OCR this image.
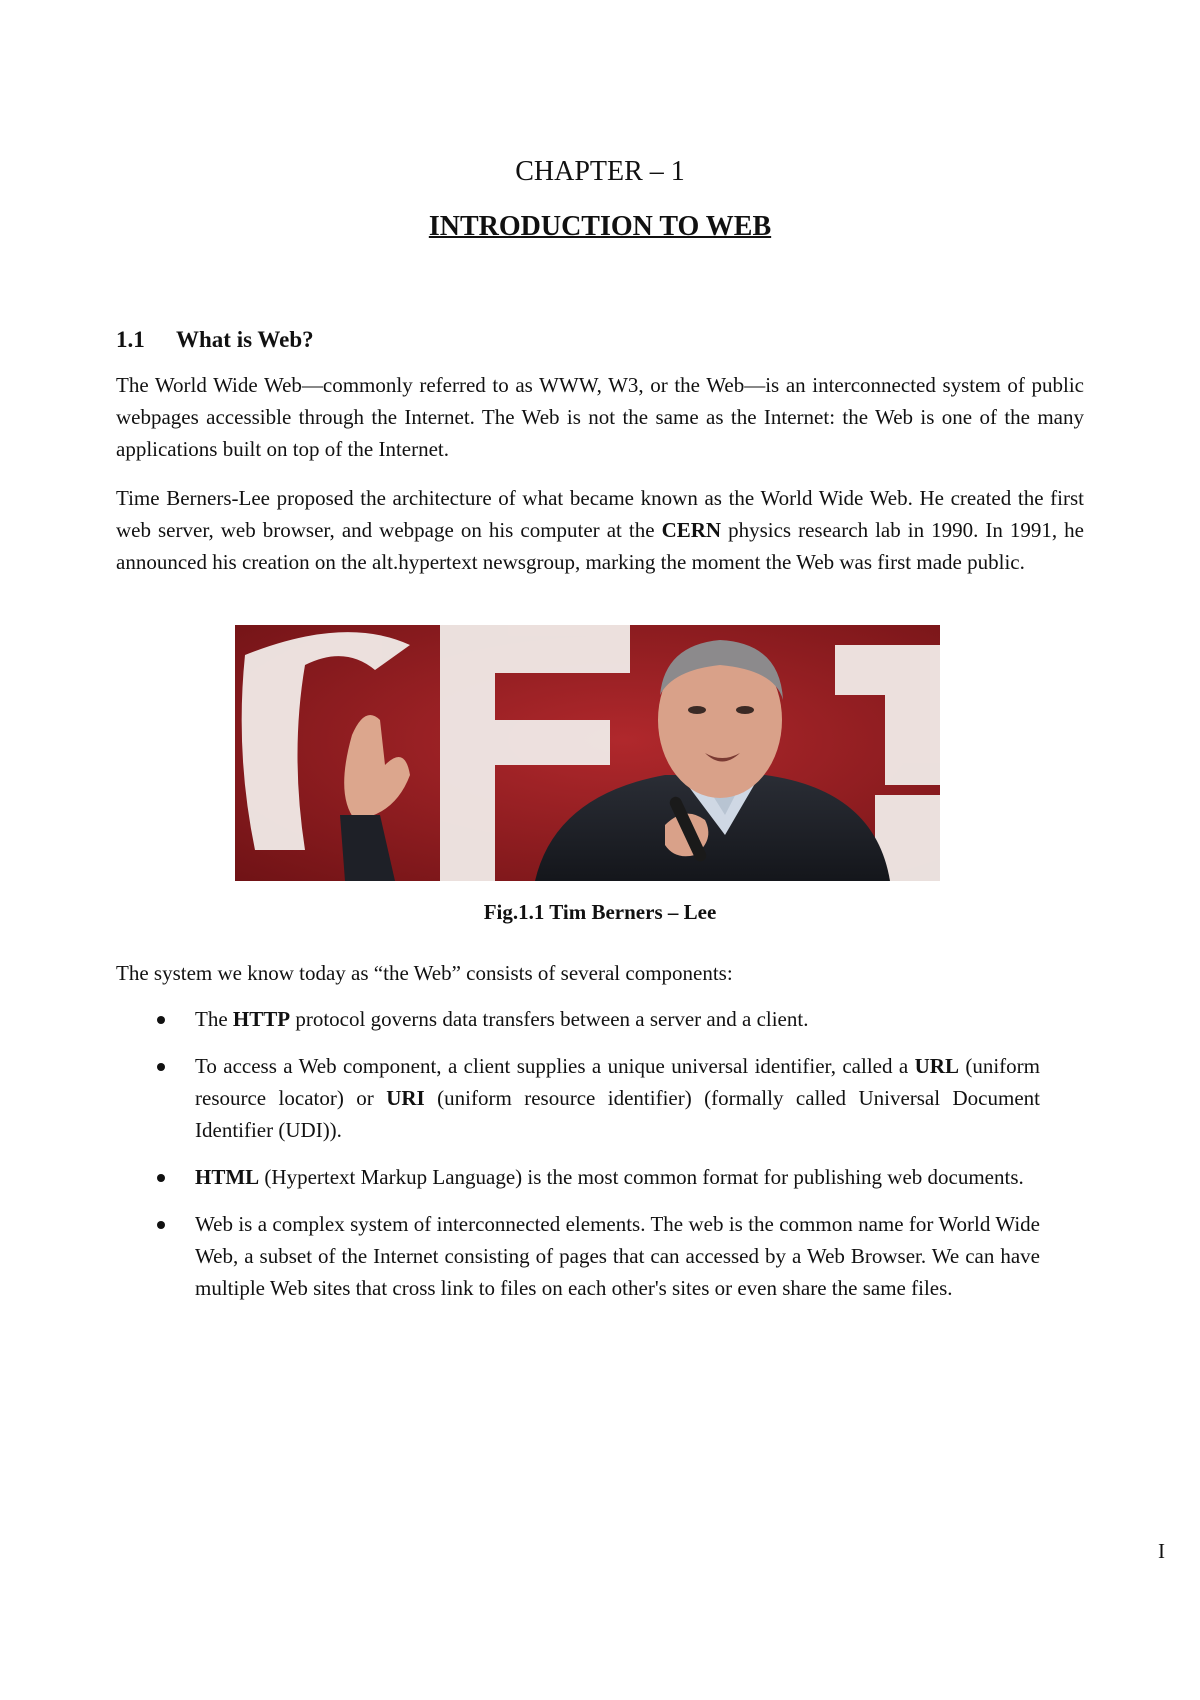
CHAPTER – 1
INTRODUCTION TO WEB
1.1 What is Web?

The World Wide Web—commonly referred to as WWW, W3, or the Web—is an interconnected system of public webpages accessible through the Internet. The Web is not the same as the Internet: the Web is one of the many applications built on top of the Internet.

Time Berners-Lee proposed the architecture of what became known as the World Wide Web. He created the first web server, web browser, and webpage on his computer at the CERN physics research lab in 1990. In 1991, he announced his creation on the alt.hypertext newsgroup, marking the moment the Web was first made public.

Fig.1.1 Tim Berners – Lee

The system we know today as “the Web” consists of several components:

The HTTP protocol governs data transfers between a server and a client.
To access a Web component, a client supplies a unique universal identifier, called a URL (uniform resource locator) or URI (uniform resource identifier) (formally called Universal Document Identifier (UDI)).
HTML (Hypertext Markup Language) is the most common format for publishing web documents.
Web is a complex system of interconnected elements. The web is the common name for World Wide Web, a subset of the Internet consisting of pages that can accessed by a Web Browser. We can have multiple Web sites that cross link to files on each other's sites or even share the same files.
I
